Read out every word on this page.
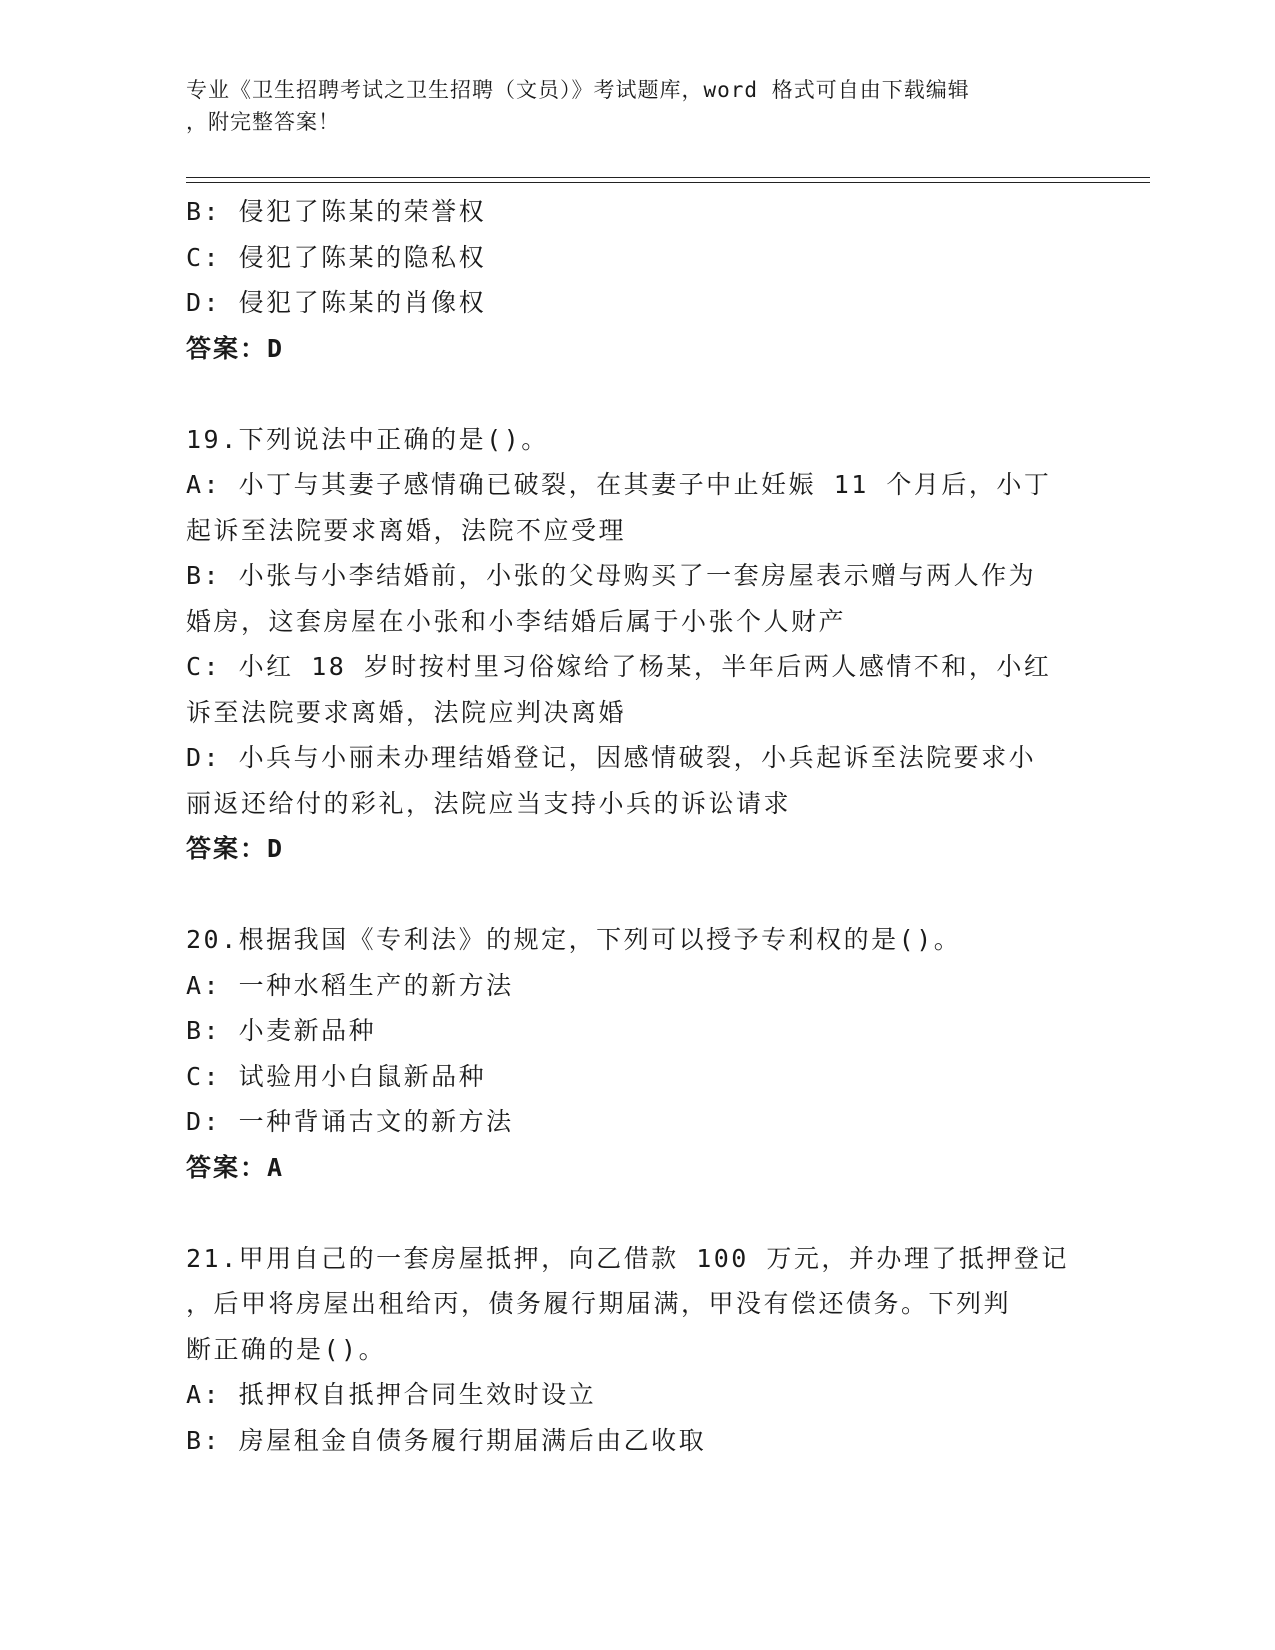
专业《卫生招聘考试之卫生招聘（文员）》考试题库，word 格式可自由下载编辑
，附完整答案！
B: 侵犯了陈某的荣誉权
C: 侵犯了陈某的隐私权
D: 侵犯了陈某的肖像权
答案：D
19.下列说法中正确的是()。
A: 小丁与其妻子感情确已破裂，在其妻子中止妊娠 11 个月后，小丁
起诉至法院要求离婚，法院不应受理
B: 小张与小李结婚前，小张的父母购买了一套房屋表示赠与两人作为
婚房，这套房屋在小张和小李结婚后属于小张个人财产
C: 小红 18 岁时按村里习俗嫁给了杨某，半年后两人感情不和，小红
诉至法院要求离婚，法院应判决离婚
D: 小兵与小丽未办理结婚登记，因感情破裂，小兵起诉至法院要求小
丽返还给付的彩礼，法院应当支持小兵的诉讼请求
答案：D
20.根据我国《专利法》的规定，下列可以授予专利权的是()。
A: 一种水稻生产的新方法
B: 小麦新品种
C: 试验用小白鼠新品种
D: 一种背诵古文的新方法
答案：A
21.甲用自己的一套房屋抵押，向乙借款 100 万元，并办理了抵押登记
，后甲将房屋出租给丙，债务履行期届满，甲没有偿还债务。下列判
断正确的是()。
A: 抵押权自抵押合同生效时设立
B: 房屋租金自债务履行期届满后由乙收取
